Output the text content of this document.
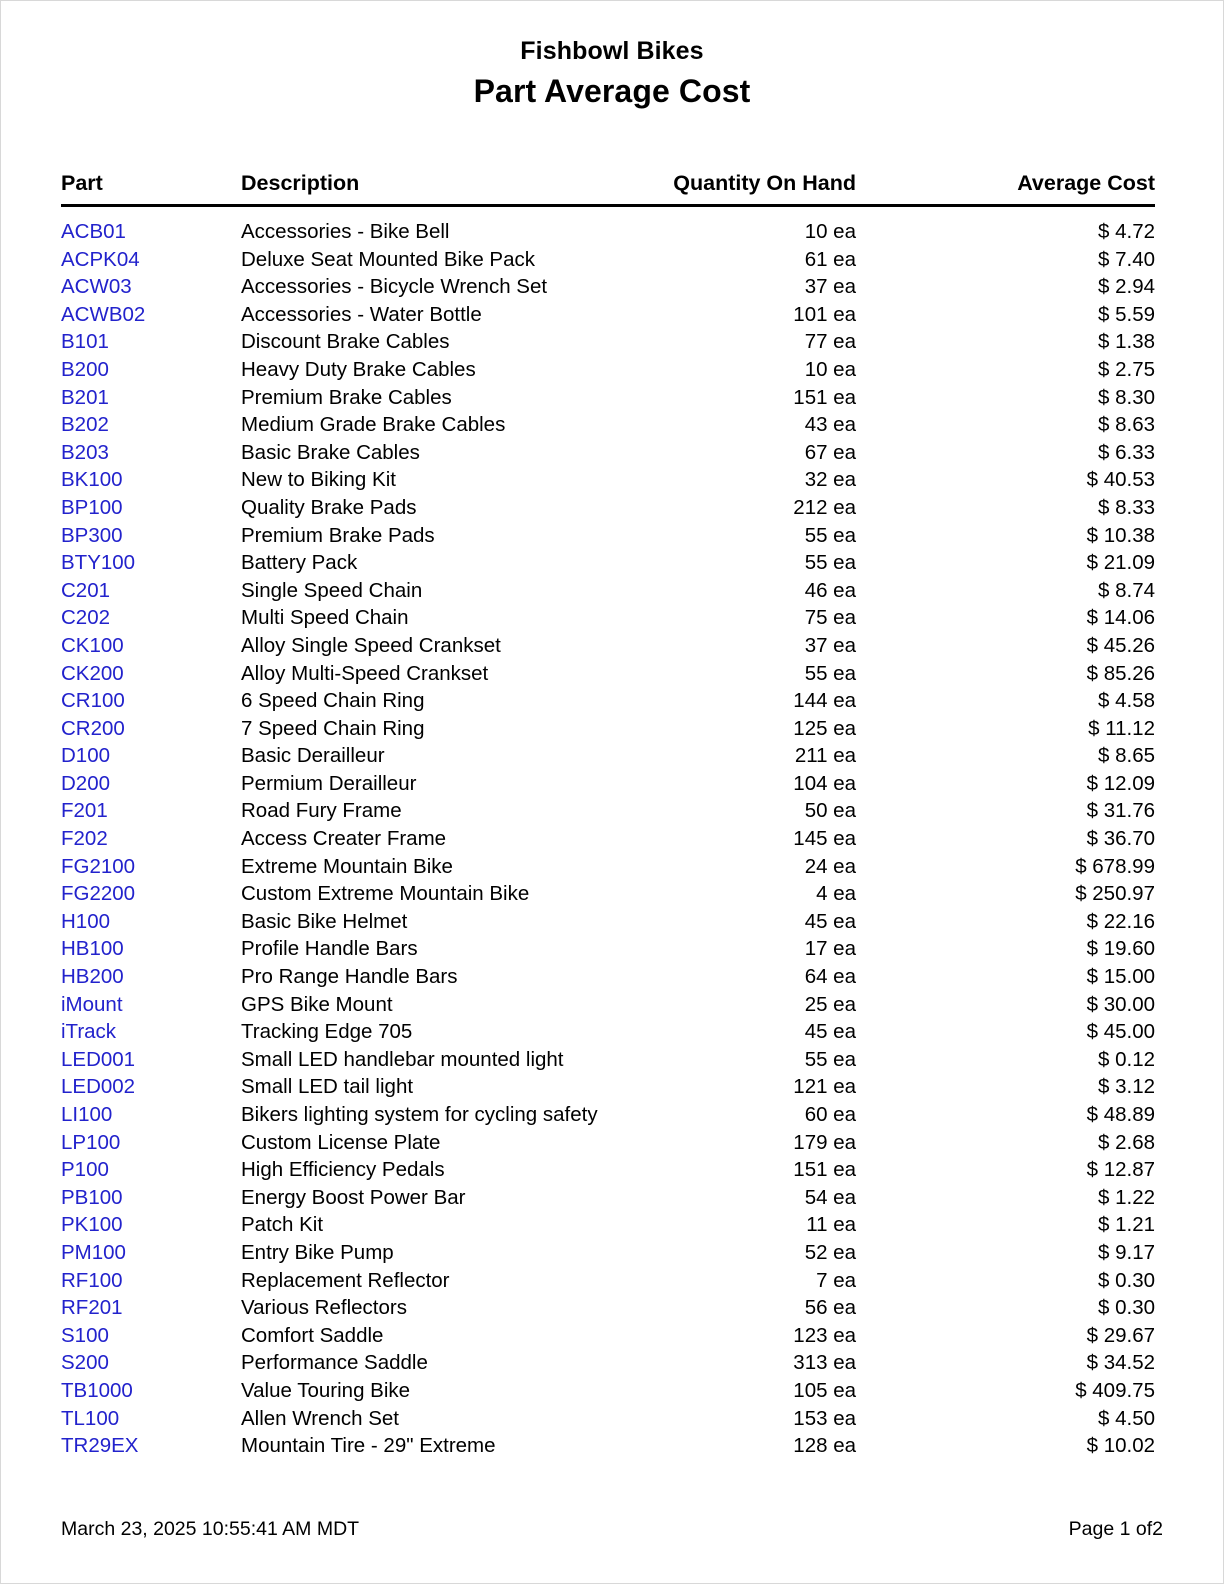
Fishbowl Bikes
Part Average Cost
Part	Description	Quantity On Hand	Average Cost
ACB01	Accessories - Bike Bell	10 ea	$ 4.72
ACPK04	Deluxe Seat Mounted Bike Pack	61 ea	$ 7.40
ACW03	Accessories - Bicycle Wrench Set	37 ea	$ 2.94
ACWB02	Accessories - Water Bottle	101 ea	$ 5.59
B101	Discount Brake Cables	77 ea	$ 1.38
B200	Heavy Duty Brake Cables	10 ea	$ 2.75
B201	Premium Brake Cables	151 ea	$ 8.30
B202	Medium Grade Brake Cables	43 ea	$ 8.63
B203	Basic Brake Cables	67 ea	$ 6.33
BK100	New to Biking Kit	32 ea	$ 40.53
BP100	Quality Brake Pads	212 ea	$ 8.33
BP300	Premium Brake Pads	55 ea	$ 10.38
BTY100	Battery Pack	55 ea	$ 21.09
C201	Single Speed Chain	46 ea	$ 8.74
C202	Multi Speed Chain	75 ea	$ 14.06
CK100	Alloy Single Speed Crankset	37 ea	$ 45.26
CK200	Alloy Multi-Speed Crankset	55 ea	$ 85.26
CR100	6 Speed Chain Ring	144 ea	$ 4.58
CR200	7 Speed Chain Ring	125 ea	$ 11.12
D100	Basic Derailleur	211 ea	$ 8.65
D200	Permium Derailleur	104 ea	$ 12.09
F201	Road Fury Frame	50 ea	$ 31.76
F202	Access Creater Frame	145 ea	$ 36.70
FG2100	Extreme Mountain Bike	24 ea	$ 678.99
FG2200	Custom Extreme Mountain Bike	4 ea	$ 250.97
H100	Basic Bike Helmet	45 ea	$ 22.16
HB100	Profile Handle Bars	17 ea	$ 19.60
HB200	Pro Range Handle Bars	64 ea	$ 15.00
iMount	GPS Bike Mount	25 ea	$ 30.00
iTrack	Tracking Edge 705	45 ea	$ 45.00
LED001	Small LED handlebar mounted light	55 ea	$ 0.12
LED002	Small LED tail light	121 ea	$ 3.12
LI100	Bikers lighting system for cycling safety	60 ea	$ 48.89
LP100	Custom License Plate	179 ea	$ 2.68
P100	High Efficiency Pedals	151 ea	$ 12.87
PB100	Energy Boost Power Bar	54 ea	$ 1.22
PK100	Patch Kit	11 ea	$ 1.21
PM100	Entry Bike Pump	52 ea	$ 9.17
RF100	Replacement Reflector	7 ea	$ 0.30
RF201	Various Reflectors	56 ea	$ 0.30
S100	Comfort Saddle	123 ea	$ 29.67
S200	Performance Saddle	313 ea	$ 34.52
TB1000	Value Touring Bike	105 ea	$ 409.75
TL100	Allen Wrench Set	153 ea	$ 4.50
TR29EX	Mountain Tire - 29" Extreme	128 ea	$ 10.02
March 23, 2025 10:55:41 AM MDT	Page 1 of2
